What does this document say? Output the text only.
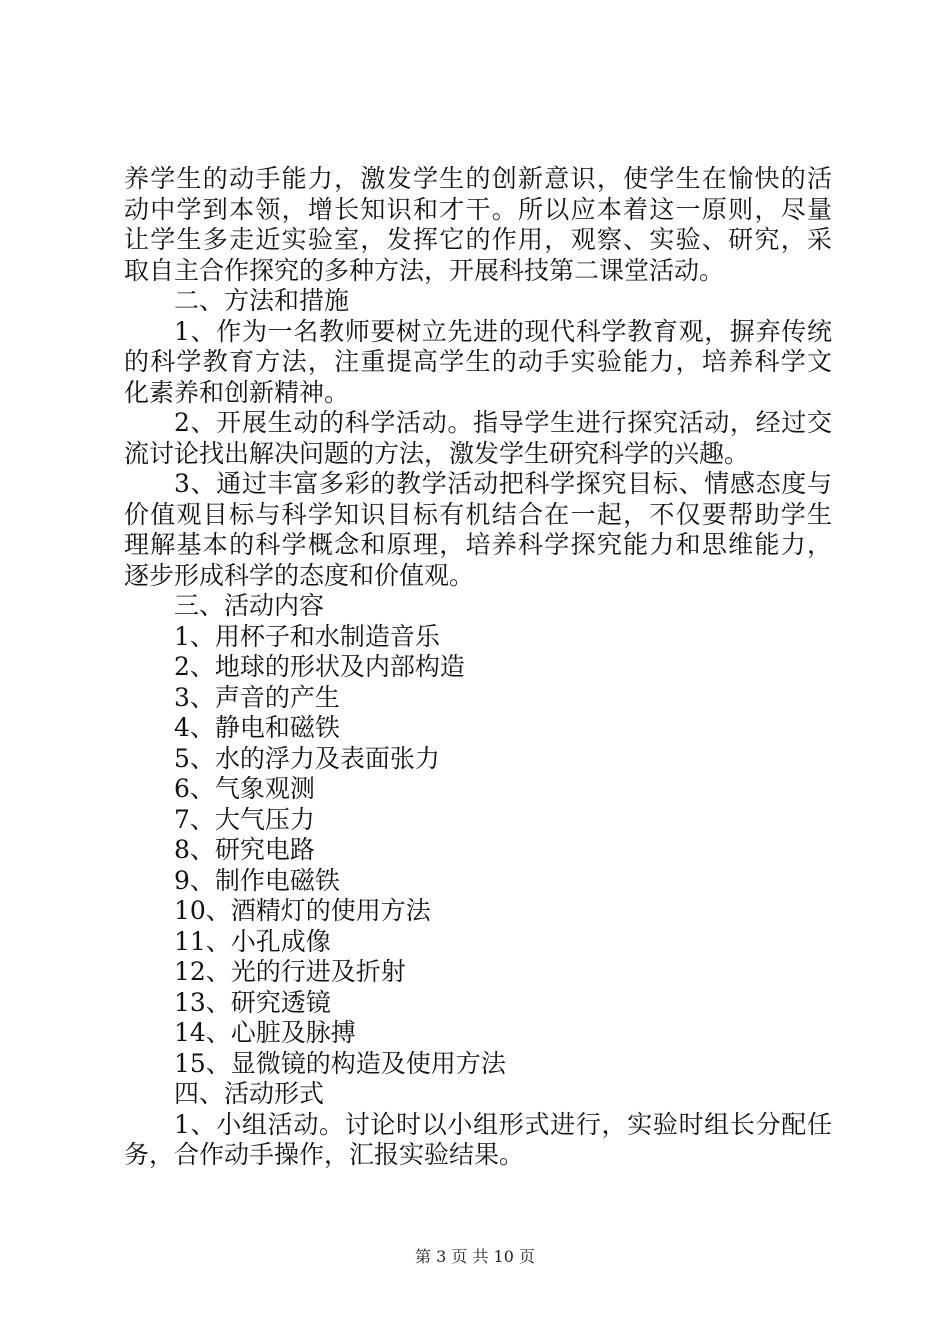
养学生的动手能力，激发学生的创新意识，使学生在愉快的活
动中学到本领，增长知识和才干。所以应本着这一原则，尽量
让学生多走近实验室，发挥它的作用，观察、实验、研究，采
取自主合作探究的多种方法，开展科技第二课堂活动。
二、方法和措施
1、作为一名教师要树立先进的现代科学教育观，摒弃传统
的科学教育方法，注重提高学生的动手实验能力，培养科学文
化素养和创新精神。
2、开展生动的科学活动。指导学生进行探究活动，经过交
流讨论找出解决问题的方法，激发学生研究科学的兴趣。
3、通过丰富多彩的教学活动把科学探究目标、情感态度与
价值观目标与科学知识目标有机结合在一起，不仅要帮助学生
理解基本的科学概念和原理，培养科学探究能力和思维能力，
逐步形成科学的态度和价值观。
三、活动内容
1、用杯子和水制造音乐
2、地球的形状及内部构造
3、声音的产生
4、静电和磁铁
5、水的浮力及表面张力
6、气象观测
7、大气压力
8、研究电路
9、制作电磁铁
10、酒精灯的使用方法
11、小孔成像
12、光的行进及折射
13、研究透镜
14、心脏及脉搏
15、显微镜的构造及使用方法
四、活动形式
1、小组活动。讨论时以小组形式进行，实验时组长分配任
务，合作动手操作，汇报实验结果。
第 3 页 共 10 页
